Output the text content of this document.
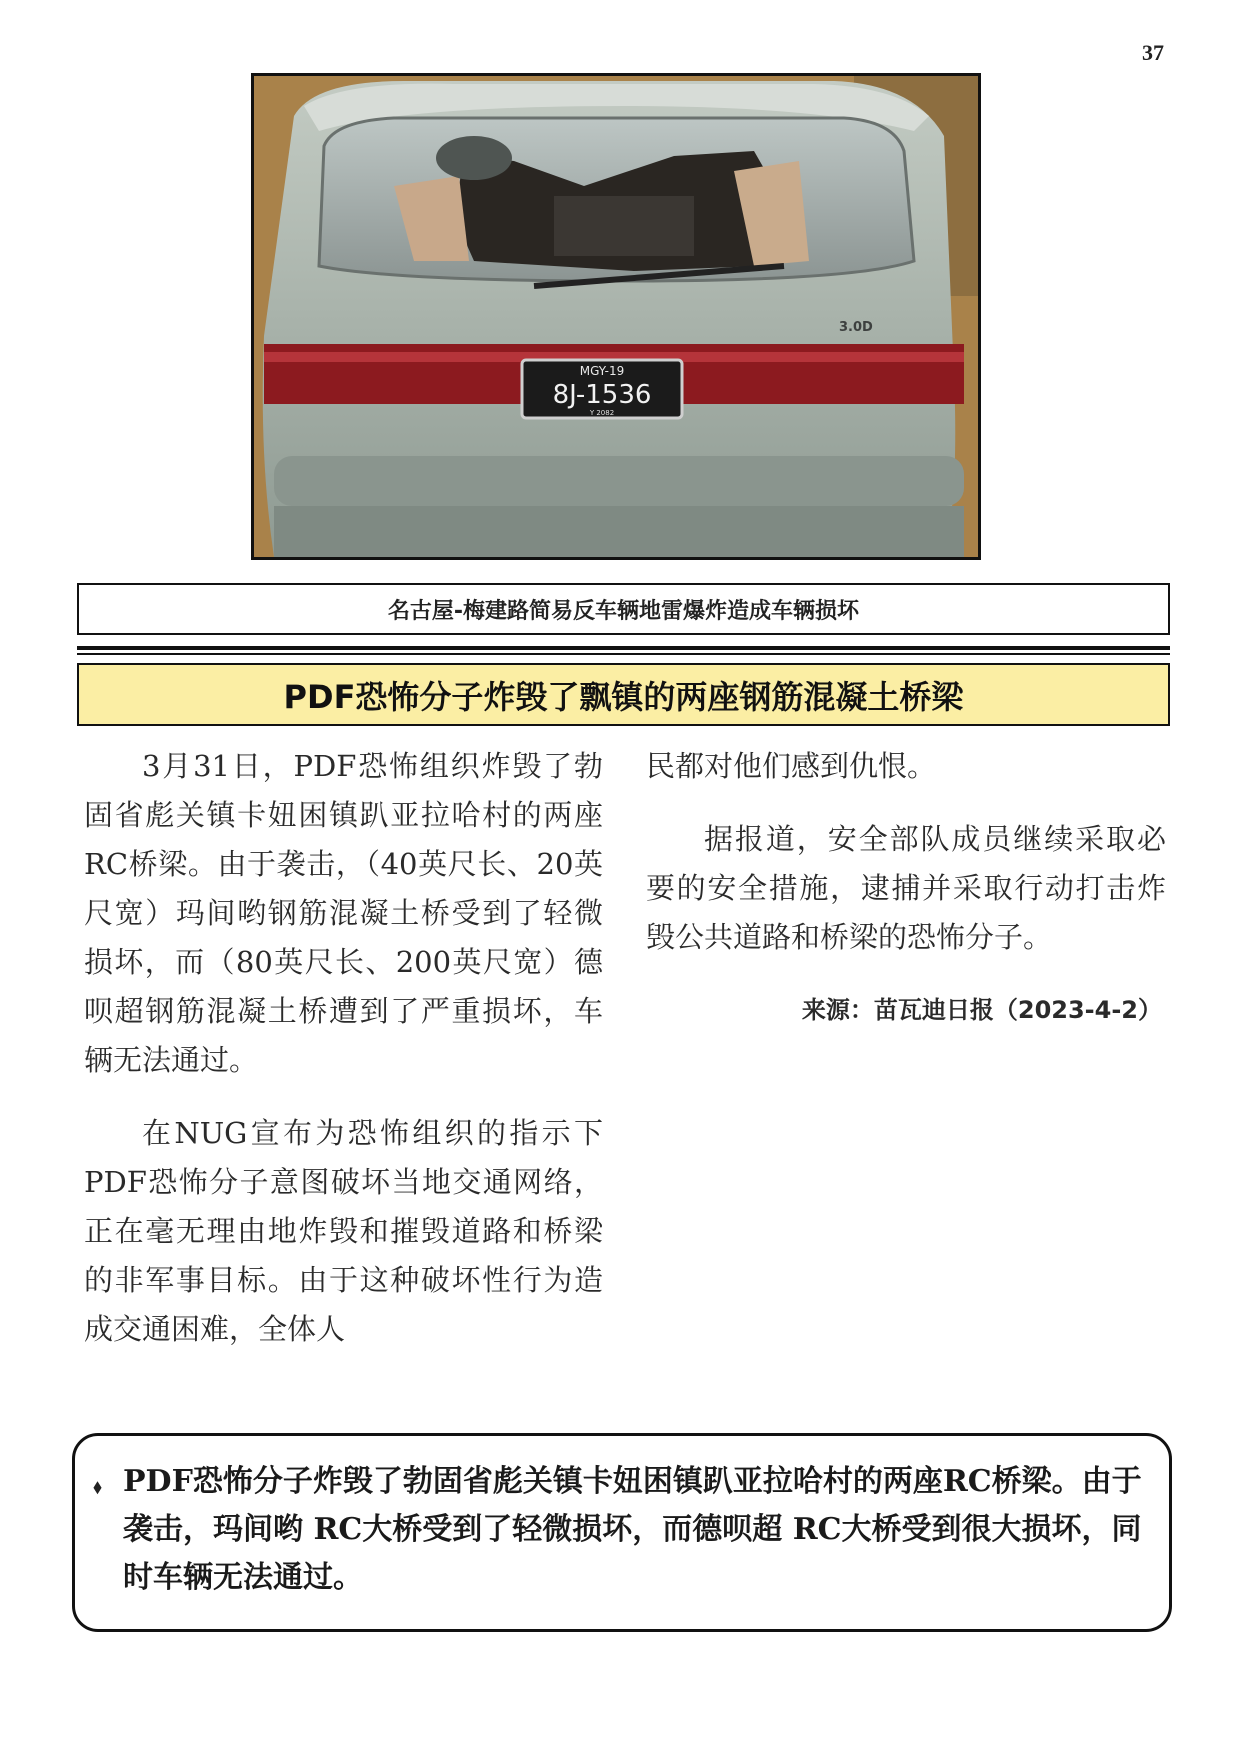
37
MGY-19
8J-1536
Y 2082
3.0D
名古屋-梅建路简易反车辆地雷爆炸造成车辆损坏
PDF恐怖分子炸毁了飘镇的两座钢筋混凝土桥梁

3月31日，PDF恐怖组织炸毁了勃固省彪关镇卡妞困镇趴亚拉哈村的两座RC桥梁。由于袭击，（40英尺长、20英尺宽）玛间哟钢筋混凝土桥受到了轻微损坏，而（80英尺长、200英尺宽）德呗超钢筋混凝土桥遭到了严重损坏，车辆无法通过。

在NUG宣布为恐怖组织的指示下PDF恐怖分子意图破坏当地交通网络，正在毫无理由地炸毁和摧毁道路和桥梁的非军事目标。由于这种破坏性行为造成交通困难，全体人

民都对他们感到仇恨。

据报道，安全部队成员继续采取必要的安全措施，逮捕并采取行动打击炸毁公共道路和桥梁的恐怖分子。

来源：苗瓦迪日报（2023-4-2）

⬧ PDF恐怖分子炸毁了勃固省彪关镇卡妞困镇趴亚拉哈村的两座RC桥梁。由于袭击，玛间哟 RC大桥受到了轻微损坏，而德呗超 RC大桥受到很大损坏，同时车辆无法通过。
